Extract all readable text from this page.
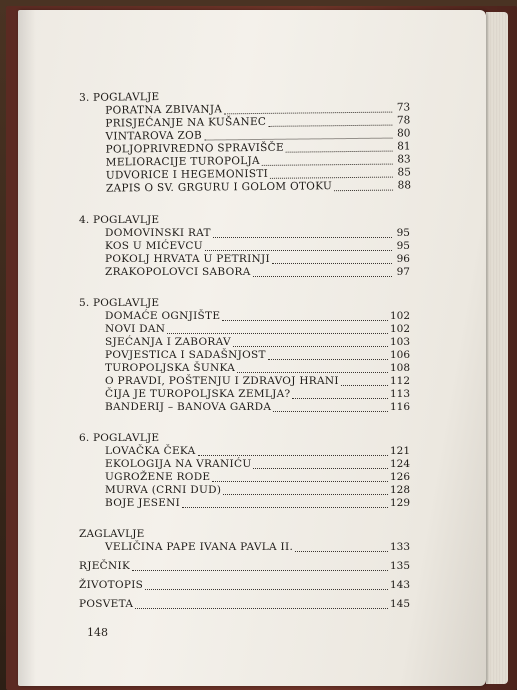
3. POGLAVLJE
PORATNA ZBIVANJA	73
PRISJEĆANJE NA KUŠANEC	78
VINTAROVA ZOB	80
POLJOPRIVREDNO SPRAVIŠČE	81
MELIORACIJE TUROPOLJA	83
UDVORICE I HEGEMONISTI	85
ZAPIS O SV. GRGURU I GOLOM OTOKU	88
4. POGLAVLJE
DOMOVINSKI RAT	95
KOS U MIĆEVCU	95
POKOLJ HRVATA U PETRINJI	96
ZRAKOPOLOVCI SABORA	97
5. POGLAVLJE
DOMAĆE OGNJIŠTE	102
NOVI DAN	102
SJEĆANJA I ZABORAV	103
POVJESTICA I SADAŠNJOST	106
TUROPOLJSKA ŠUNKA	108
O PRAVDI, POŠTENJU I ZDRAVOJ HRANI	112
ČIJA JE TUROPOLJSKA ZEMLJA?	113
BANDERIJ – BANOVA GARDA	116
6. POGLAVLJE
LOVAČKA ČEKA	121
EKOLOGIJA NA VRANIĆU	124
UGROŽENE RODE	126
MURVA (CRNI DUD)	128
BOJE JESENI	129
ZAGLAVLJE
VELIČINA PAPE IVANA PAVLA II.	133
RJEČNIK	135
ŽIVOTOPIS	143
POSVETA	145
148
